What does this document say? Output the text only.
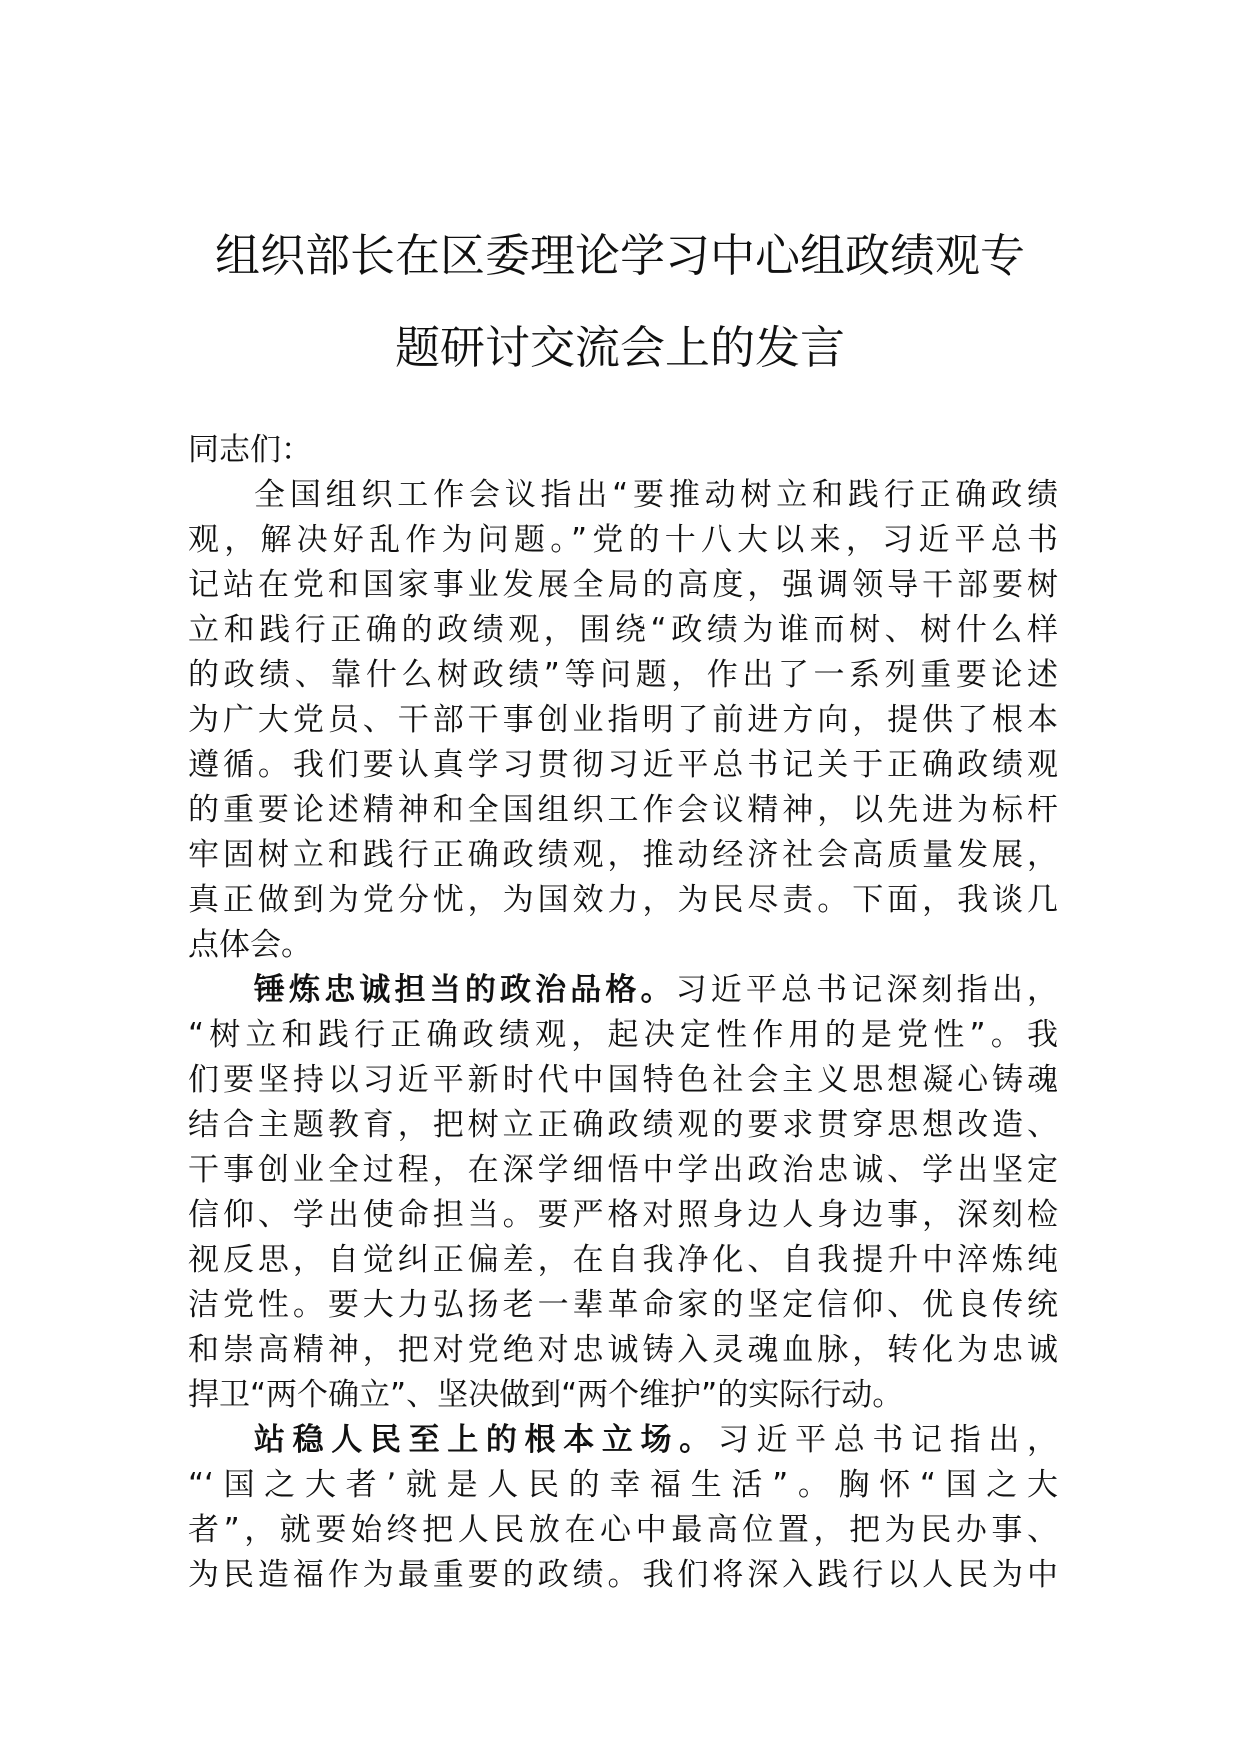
组织部长在区委理论学习中心组政绩观专
题研讨交流会上的发言
同志们：
全国组织工作会议指出“要推动树立和践行正确政绩
观，解决好乱作为问题。”党的十八大以来，习近平总书
记站在党和国家事业发展全局的高度，强调领导干部要树
立和践行正确的政绩观，围绕“政绩为谁而树、树什么样
的政绩、靠什么树政绩”等问题，作出了一系列重要论述
为广大党员、干部干事创业指明了前进方向，提供了根本
遵循。我们要认真学习贯彻习近平总书记关于正确政绩观
的重要论述精神和全国组织工作会议精神，以先进为标杆
牢固树立和践行正确政绩观，推动经济社会高质量发展，
真正做到为党分忧，为国效力，为民尽责。下面，我谈几
点体会。
锤炼忠诚担当的政治品格。习近平总书记深刻指出，
“树立和践行正确政绩观，起决定性作用的是党性”。我
们要坚持以习近平新时代中国特色社会主义思想凝心铸魂
结合主题教育，把树立正确政绩观的要求贯穿思想改造、
干事创业全过程，在深学细悟中学出政治忠诚、学出坚定
信仰、学出使命担当。要严格对照身边人身边事，深刻检
视反思，自觉纠正偏差，在自我净化、自我提升中淬炼纯
洁党性。要大力弘扬老一辈革命家的坚定信仰、优良传统
和崇高精神，把对党绝对忠诚铸入灵魂血脉，转化为忠诚
捍卫“两个确立”、坚决做到“两个维护”的实际行动。
站稳人民至上的根本立场。习近平总书记指出，
“‘国之大者’就是人民的幸福生活”。胸怀“国之大
者”，就要始终把人民放在心中最高位置，把为民办事、
为民造福作为最重要的政绩。我们将深入践行以人民为中
